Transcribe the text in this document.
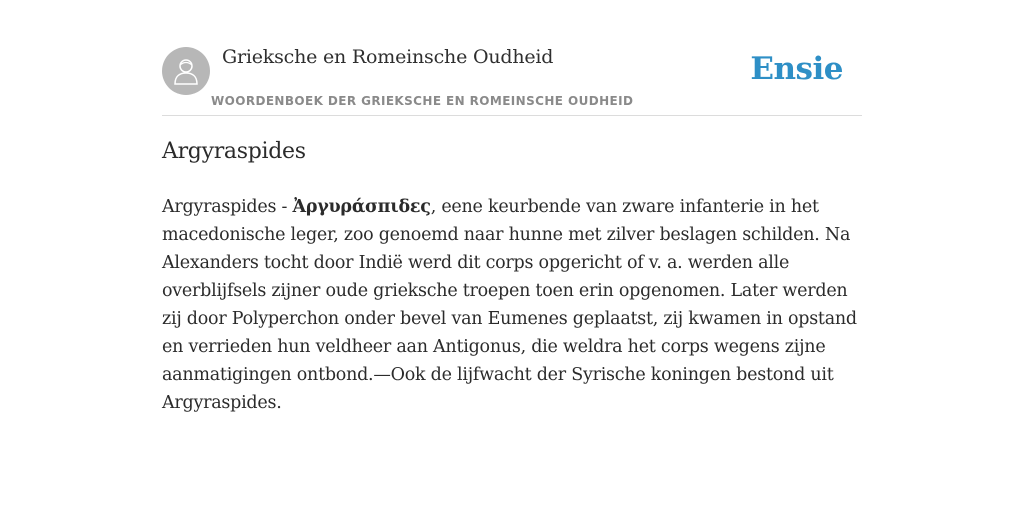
Grieksche en Romeinsche Oudheid
WOORDENBOEK DER GRIEKSCHE EN ROMEINSCHE OUDHEID
Ensie
Argyraspides

Argyraspides - Ἀργυράσπιδες, eene keurbende van zware infanterie in het macedonische leger, zoo genoemd naar hunne met zilver beslagen schilden. Na Alexanders tocht door Indië werd dit corps opgericht of v. a. werden alle overblijfsels zijner oude grieksche troepen toen erin opgenomen. Later werden zij door Polyperchon onder bevel van Eumenes geplaatst, zij kwamen in opstand en verrieden hun veldheer aan Antigonus, die weldra het corps wegens zijne aanmatigingen ontbond.—Ook de lijfwacht der Syrische koningen bestond uit Argyraspides.
